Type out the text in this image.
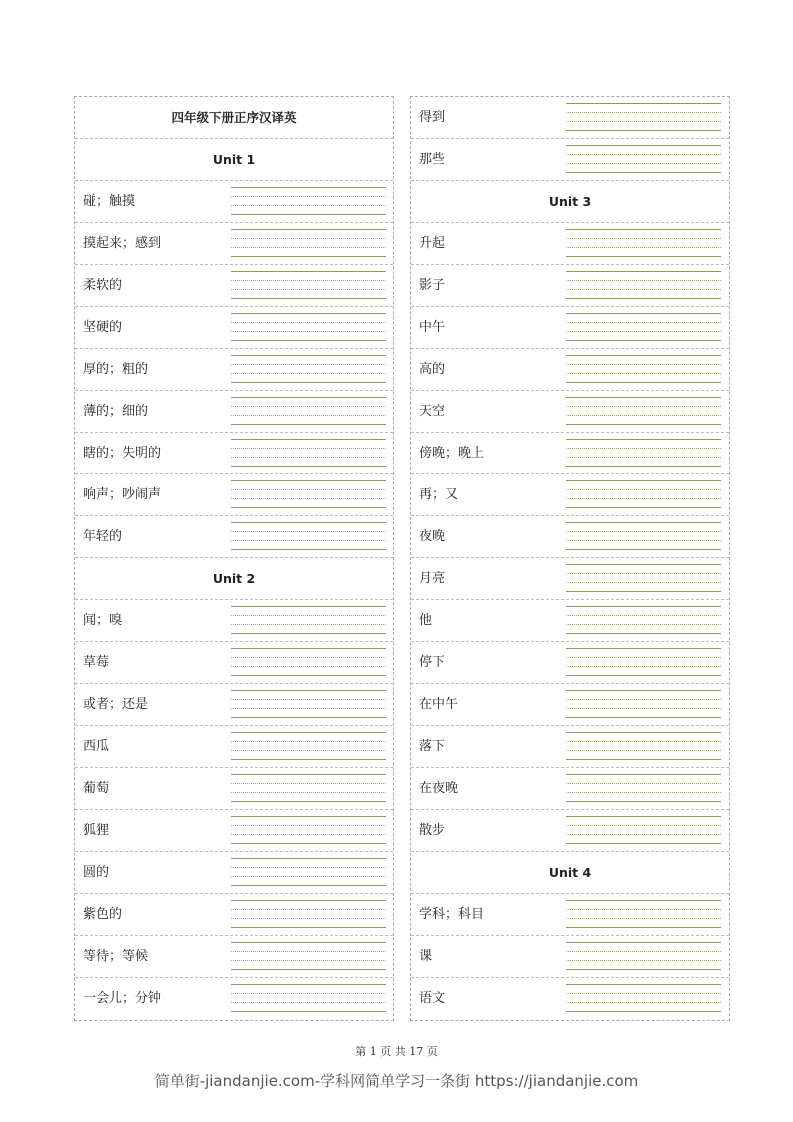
四年级下册正序汉译英
Unit 1
碰；触摸
摸起来；感到
柔软的
坚硬的
厚的；粗的
薄的；细的
瞎的；失明的
响声；吵闹声
年轻的
Unit 2
闻；嗅
草莓
或者；还是
西瓜
葡萄
狐狸
圆的
紫色的
等待；等候
一会儿；分钟
得到
那些
Unit 3
升起
影子
中午
高的
天空
傍晚；晚上
再；又
夜晚
月亮
他
停下
在中午
落下
在夜晚
散步
Unit 4
学科；科目
课
语文
第 1 页 共 17 页
简单街-jiandanjie.com-学科网简单学习一条街 https://jiandanjie.com
